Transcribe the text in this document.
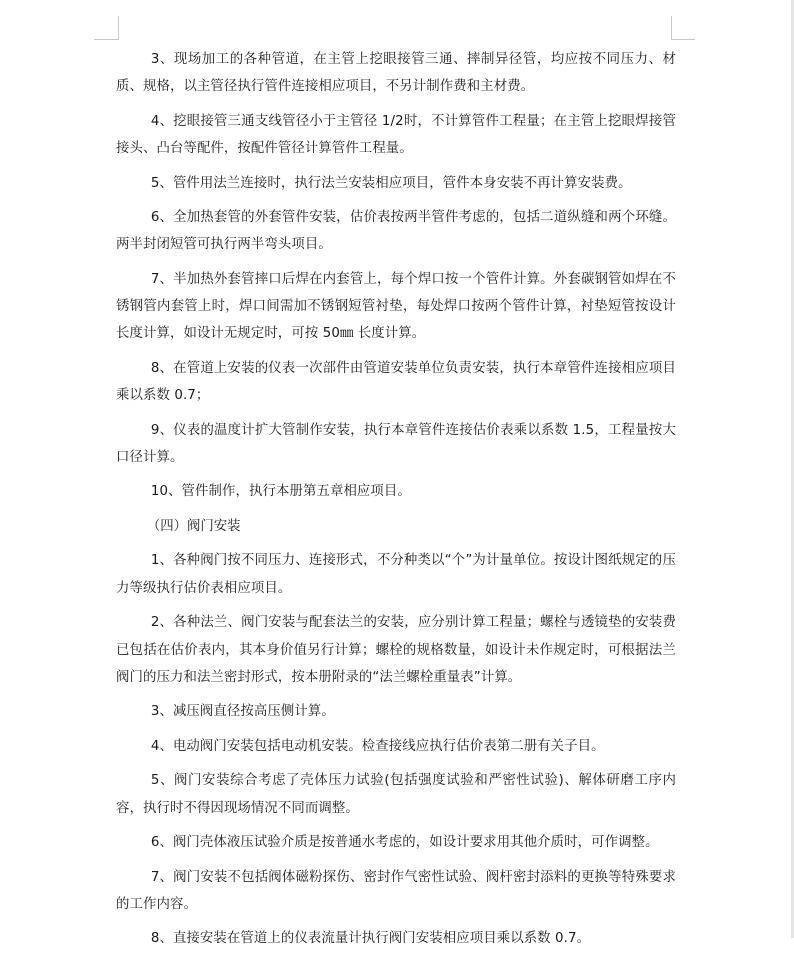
3、现场加工的各种管道，在主管上挖眼接管三通、摔制异径管，均应按不同压力、材质、规格，以主管径执行管件连接相应项目，不另计制作费和主材费。

4、挖眼接管三通支线管径小于主管径 1/2时，不计算管件工程量；在主管上挖眼焊接管接头、凸台等配件，按配件管径计算管件工程量。

5、管件用法兰连接时，执行法兰安装相应项目，管件本身安装不再计算安装费。

6、全加热套管的外套管件安装，估价表按两半管件考虑的，包括二道纵缝和两个环缝。两半封闭短管可执行两半弯头项目。

7、半加热外套管摔口后焊在内套管上，每个焊口按一个管件计算。外套碳钢管如焊在不锈钢管内套管上时，焊口间需加不锈钢短管衬垫，每处焊口按两个管件计算，衬垫短管按设计长度计算，如设计无规定时，可按 50㎜ 长度计算。

8、在管道上安装的仪表一次部件由管道安装单位负责安装，执行本章管件连接相应项目乘以系数 0.7；

9、仪表的温度计扩大管制作安装，执行本章管件连接估价表乘以系数 1.5，工程量按大口径计算。

10、管件制作，执行本册第五章相应项目。

（四）阀门安装

1、各种阀门按不同压力、连接形式，不分种类以“个”为计量单位。按设计图纸规定的压力等级执行估价表相应项目。

2、各种法兰、阀门安装与配套法兰的安装，应分别计算工程量；螺栓与透镜垫的安装费已包括在估价表内，其本身价值另行计算；螺栓的规格数量，如设计未作规定时，可根据法兰阀门的压力和法兰密封形式，按本册附录的“法兰螺栓重量表”计算。

3、减压阀直径按高压侧计算。

4、电动阀门安装包括电动机安装。检查接线应执行估价表第二册有关子目。

5、阀门安装综合考虑了壳体压力试验(包括强度试验和严密性试验)、解体研磨工序内容，执行时不得因现场情况不同而调整。

6、阀门壳体液压试验介质是按普通水考虑的，如设计要求用其他介质时，可作调整。

7、阀门安装不包括阀体磁粉探伤、密封作气密性试验、阀杆密封添料的更换等特殊要求的工作内容。

8、直接安装在管道上的仪表流量计执行阀门安装相应项目乘以系数 0.7。
